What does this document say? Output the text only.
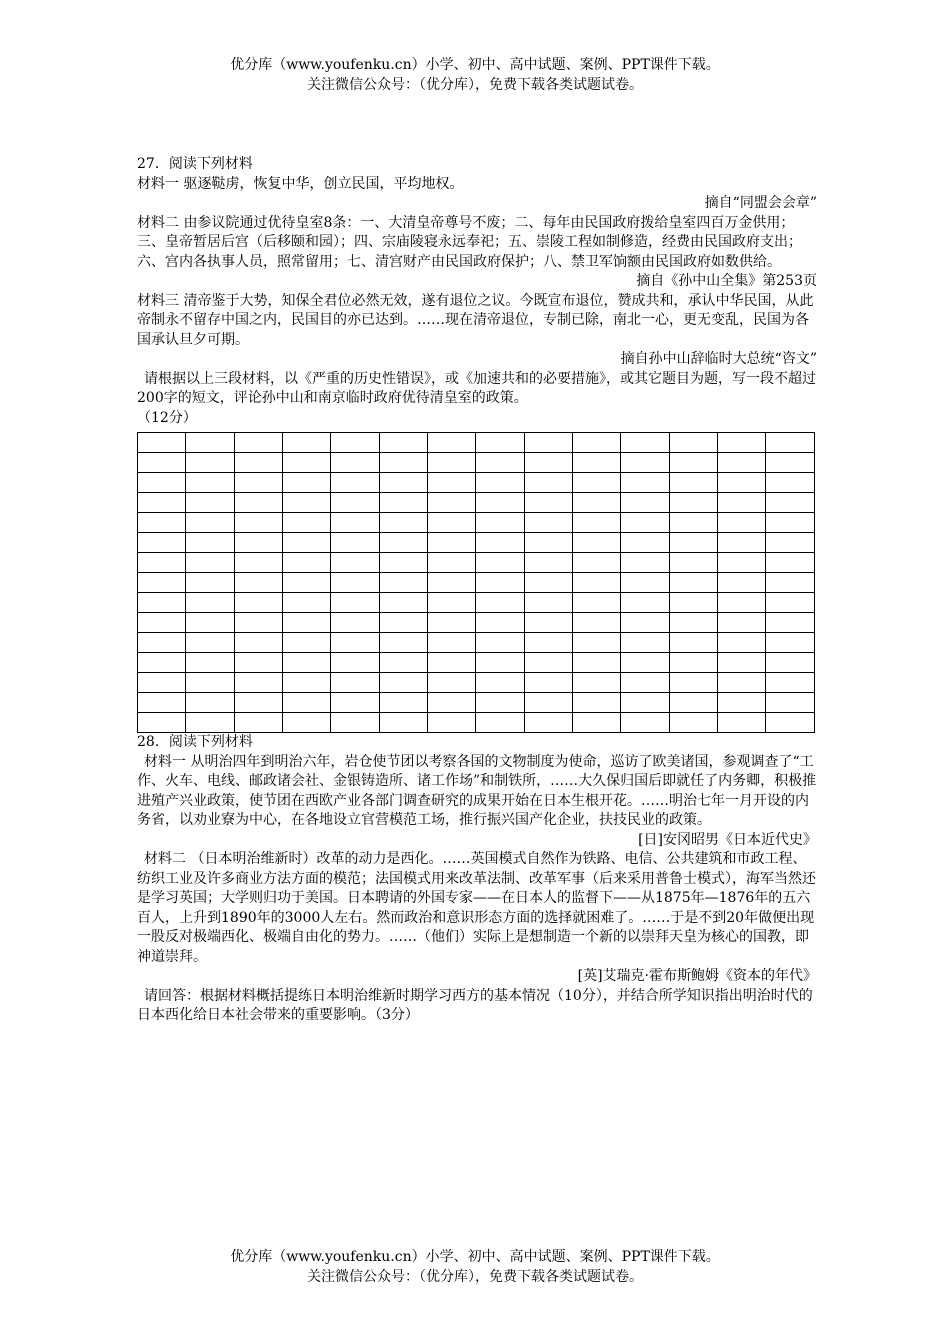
优分库（www.youfenku.cn）小学、初中、高中试题、案例、PPT课件下载。
关注微信公众号：（优分库），免费下载各类试题试卷。

27．阅读下列材料

材料一 驱逐鞑虏，恢复中华，创立民国，平均地权。

摘自“同盟会会章”

材料二 由参议院通过优待皇室8条：一、大清皇帝尊号不废；二、每年由民国政府拨给皇室四百万金供用；三、皇帝暂居后宫（后移颐和园）；四、宗庙陵寝永远奉祀；五、崇陵工程如制修造，经费由民国政府支出；六、宫内各执事人员，照常留用；七、清宫财产由民国政府保护；八、禁卫军饷额由民国政府如数供给。

摘自《孙中山全集》第253页

材料三 清帝鉴于大势，知保全君位必然无效，遂有退位之议。今既宣布退位，赞成共和，承认中华民国，从此帝制永不留存中国之内，民国目的亦已达到。……现在清帝退位，专制已除，南北一心，更无变乱，民国为各国承认旦夕可期。

摘自孙中山辞临时大总统“咨文”

请根据以上三段材料，以《严重的历史性错误》，或《加速共和的必要措施》，或其它题目为题，写一段不超过200字的短文，评论孙中山和南京临时政府优待清皇室的政策。

（12分）

28．阅读下列材料

材料一 从明治四年到明治六年，岩仓使节团以考察各国的文物制度为使命，巡访了欧美诸国，参观调查了“工作、火车、电线、邮政诸会社、金银铸造所、诸工作场”和制铁所，……大久保归国后即就任了内务卿，积极推进殖产兴业政策，使节团在西欧产业各部门调查研究的成果开始在日本生根开花。……明治七年一月开设的内务省，以劝业寮为中心，在各地设立官营模范工场，推行振兴国产化企业，扶技民业的政策。

[日]安冈昭男《日本近代史》

材料二 （日本明治维新时）改革的动力是西化。……英国模式自然作为铁路、电信、公共建筑和市政工程、纺织工业及许多商业方法方面的模范；法国模式用来改革法制、改革军事（后来采用普鲁士模式），海军当然还是学习英国；大学则归功于美国。日本聘请的外国专家——在日本人的监督下——从1875年—1876年的五六百人，上升到1890年的3000人左右。然而政治和意识形态方面的选择就困难了。……于是不到20年做便出现一股反对极端西化、极端自由化的势力。……（他们）实际上是想制造一个新的以崇拜天皇为核心的国教，即神道崇拜。

[英]艾瑞克·霍布斯鲍姆《资本的年代》

请回答：根据材料概括提练日本明治维新时期学习西方的基本情况（10分），并结合所学知识指出明治时代的日本西化给日本社会带来的重要影响。（3分）

优分库（www.youfenku.cn）小学、初中、高中试题、案例、PPT课件下载。
关注微信公众号：（优分库），免费下载各类试题试卷。
